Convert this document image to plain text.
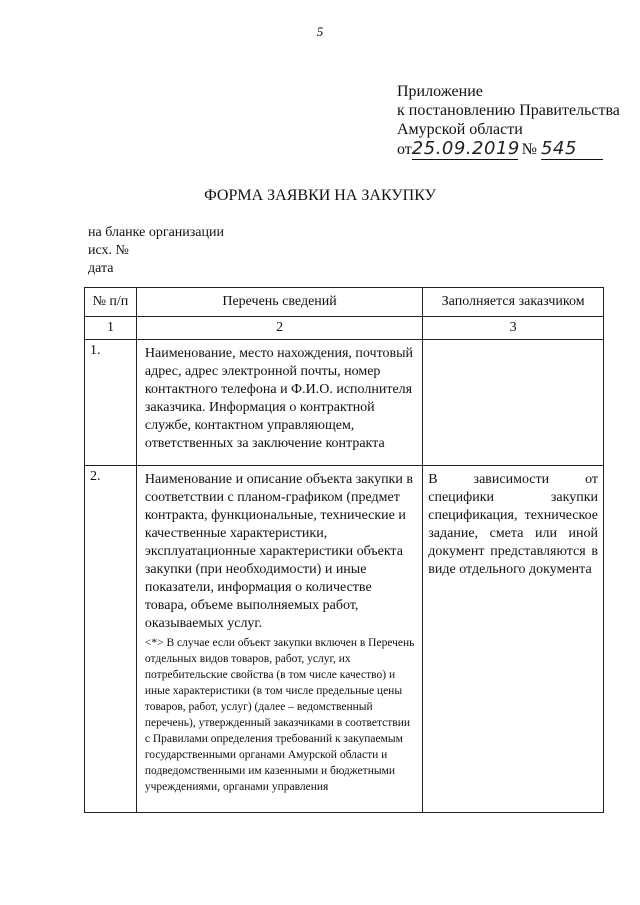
5
Приложение
к постановлению Правительства
Амурской области
от25.09.2019 № 545
ФОРМА ЗАЯВКИ НА ЗАКУПКУ
на бланке организации
исх. №
дата
№ п/п	Перечень сведений	Заполняется заказчиком
1	2	3
1.	Наименование, место нахождения, почтовый адрес, адрес электронной почты, номер контактного телефона и Ф.И.О. исполнителя заказчика. Информация о контрактной службе, контактном управляющем, ответственных за заключение контракта	

2.	Наименование и описание объекта закупки в соответствии с планом-графиком (предмет контракта, функциональные, технические и качественные характеристики, эксплуатационные характеристики объекта закупки (при необходимости) и иные показатели, информация о количестве товара, объеме выполняемых работ, оказываемых услуг.
<*> В случае если объект закупки включен в Перечень отдельных видов товаров, работ, услуг, их потребительские свойства (в том числе качество) и иные характеристики (в том числе предельные цены товаров, работ, услуг) (далее – ведомственный перечень), утвержденный заказчиками в соответствии с Правилами определения требований к закупаемым государственными органами Амурской области и подведомственными им казенными и бюджетными учреждениями, органами управления	В зависимости от специфики закупки спецификация, техническое задание, смета или иной документ представляются в виде отдельного документа
